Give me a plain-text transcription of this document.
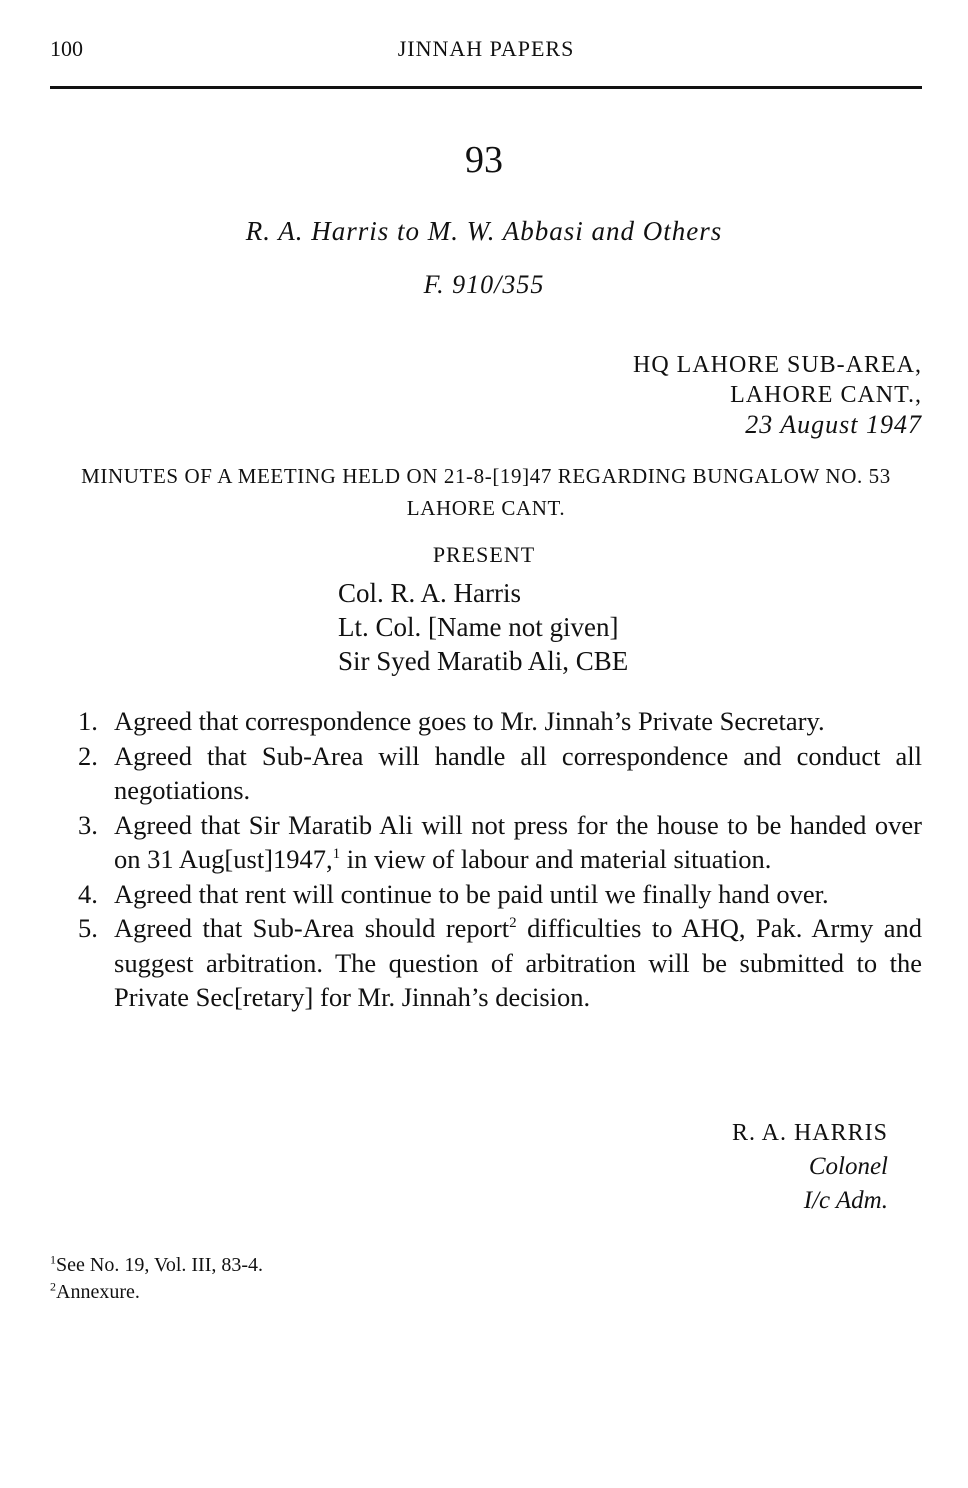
100	JINNAH PAPERS
93
R. A. Harris to M. W. Abbasi and Others
F. 910/355
HQ LAHORE SUB-AREA,
LAHORE CANT.,
23 August 1947
MINUTES OF A MEETING HELD ON 21-8-[19]47 REGARDING BUNGALOW NO. 53 LAHORE CANT.
PRESENT
Col. R. A. Harris
Lt. Col. [Name not given]
Sir Syed Maratib Ali, CBE
1. Agreed that correspondence goes to Mr. Jinnah’s Private Secretary.
2. Agreed that Sub-Area will handle all correspondence and conduct all negotiations.
3. Agreed that Sir Maratib Ali will not press for the house to be handed over on 31 Aug[ust]1947,$^1$ in view of labour and material situation.
4. Agreed that rent will continue to be paid until we finally hand over.
5. Agreed that Sub-Area should report$^2$ difficulties to AHQ, Pak. Army and suggest arbitration. The question of arbitration will be submitted to the Private Sec[retary] for Mr. Jinnah’s decision.
R. A. HARRIS
Colonel
I/c Adm.
$^1$See No. 19, Vol. III, 83-4.
$^2$Annexure.
